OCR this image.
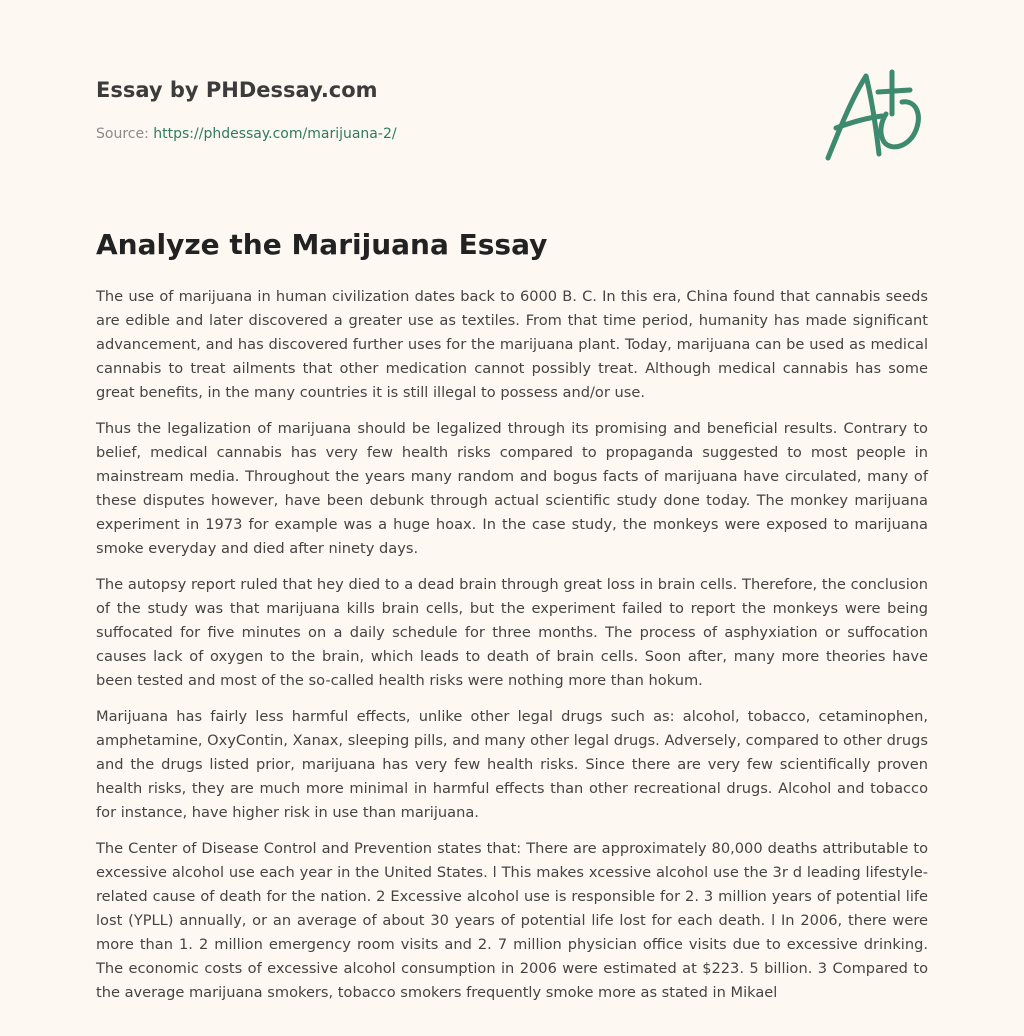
Essay by PHDessay.com
Source: https://phdessay.com/marijuana-2/
Analyze the Marijuana Essay

The use of marijuana in human civilization dates back to 6000 B. C. In this era, China found that cannabis seeds are edible and later discovered a greater use as textiles. From that time period, humanity has made significant advancement, and has discovered further uses for the marijuana plant. Today, marijuana can be used as medical cannabis to treat ailments that other medication cannot possibly treat. Although medical cannabis has some great benefits, in the many countries it is still illegal to possess and/or use.

Thus the legalization of marijuana should be legalized through its promising and beneficial results. Contrary to belief, medical cannabis has very few health risks compared to propaganda suggested to most people in mainstream media. Throughout the years many random and bogus facts of marijuana have circulated, many of these disputes however, have been debunk through actual scientific study done today. The monkey marijuana experiment in 1973 for example was a huge hoax. In the case study, the monkeys were exposed to marijuana smoke everyday and died after ninety days.

The autopsy report ruled that hey died to a dead brain through great loss in brain cells. Therefore, the conclusion of the study was that marijuana kills brain cells, but the experiment failed to report the monkeys were being suffocated for five minutes on a daily schedule for three months. The process of asphyxiation or suffocation causes lack of oxygen to the brain, which leads to death of brain cells. Soon after, many more theories have been tested and most of the so-called health risks were nothing more than hokum.

Marijuana has fairly less harmful effects, unlike other legal drugs such as: alcohol, tobacco, cetaminophen, amphetamine, OxyContin, Xanax, sleeping pills, and many other legal drugs. Adversely, compared to other drugs and the drugs listed prior, marijuana has very few health risks. Since there are very few scientifically proven health risks, they are much more minimal in harmful effects than other recreational drugs. Alcohol and tobacco for instance, have higher risk in use than marijuana.

The Center of Disease Control and Prevention states that: There are approximately 80,000 deaths attributable to excessive alcohol use each year in the United States. l This makes xcessive alcohol use the 3r d leading lifestyle-related cause of death for the nation. 2 Excessive alcohol use is responsible for 2. 3 million years of potential life lost (YPLL) annually, or an average of about 30 years of potential life lost for each death. l In 2006, there were more than 1. 2 million emergency room visits and 2. 7 million physician office visits due to excessive drinking. The economic costs of excessive alcohol consumption in 2006 were estimated at $223. 5 billion. 3 Compared to the average marijuana smokers, tobacco smokers frequently smoke more as stated in Mikael
